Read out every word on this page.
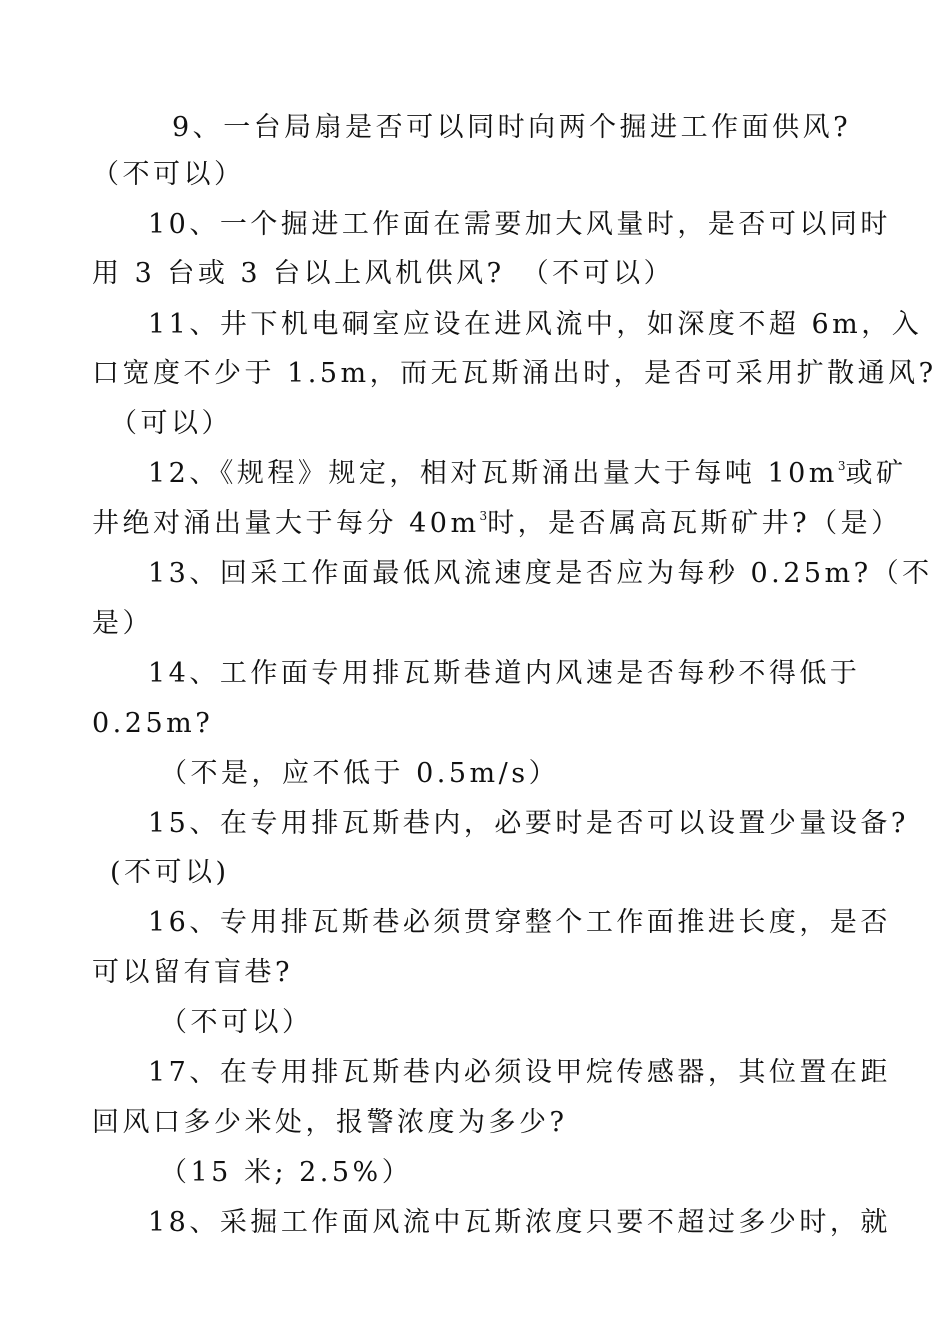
9、一台局扇是否可以同时向两个掘进工作面供风?
（不可以）
10、一个掘进工作面在需要加大风量时，是否可以同时
用 3 台或 3 台以上风机供风?　（不可以）
11、井下机电硐室应设在进风流中，如深度不超 6m，入
口宽度不少于 1.5m，而无瓦斯涌出时，是否可采用扩散通风?
（可以）
12、《规程》规定，相对瓦斯涌出量大于每吨 $10m^3$或矿
井绝对涌出量大于每分 $40m^3$时，是否属高瓦斯矿井?（是）
13、回采工作面最低风流速度是否应为每秒 0.25m?（不
是）
14、工作面专用排瓦斯巷道内风速是否每秒不得低于
0.25m?
（不是，应不低于 0.5m/s）
15、在专用排瓦斯巷内，必要时是否可以设置少量设备?
(不可以)
16、专用排瓦斯巷必须贯穿整个工作面推进长度，是否
可以留有盲巷?
（不可以）
17、在专用排瓦斯巷内必须设甲烷传感器，其位置在距
回风口多少米处，报警浓度为多少?
（15 米; 2.5%）
18、采掘工作面风流中瓦斯浓度只要不超过多少时，就
